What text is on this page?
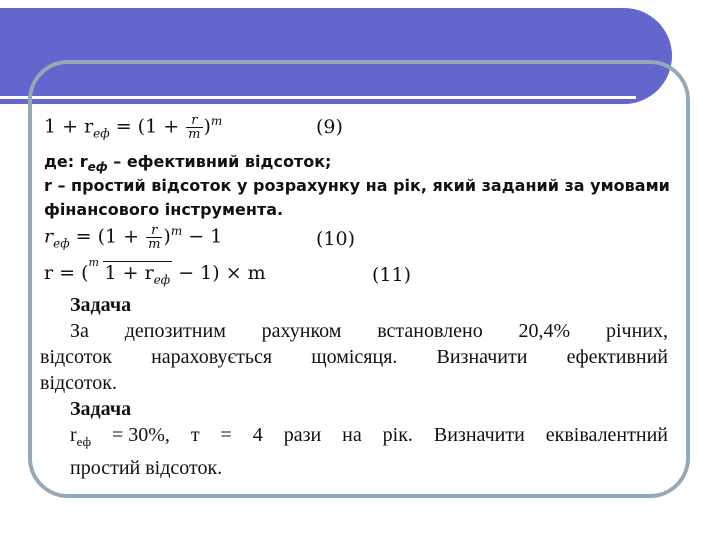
$1 + r_{еф} = (1 + \frac{r}{m} )^m$	(9)
де: $r_{еф}$ – ефективний відсоток;
r – простий відсоток у розрахунку на рік, який заданий за умовами
фінансового інструмента.
$r_{еф} = (1 + \frac{r}{m} )^m - 1$	(10)
r = ( m $1 + r_{еф} - 1) \times m$	(11)

Задача

За депозитним рахунком встановлено 20,4% річних,
відсоток нараховується щомісяця. Визначити ефективний

відсоток.

Задача

$r_{еф} = 30\%$, т = 4 рази на рік. Визначити еквівалентний

простий відсоток.
